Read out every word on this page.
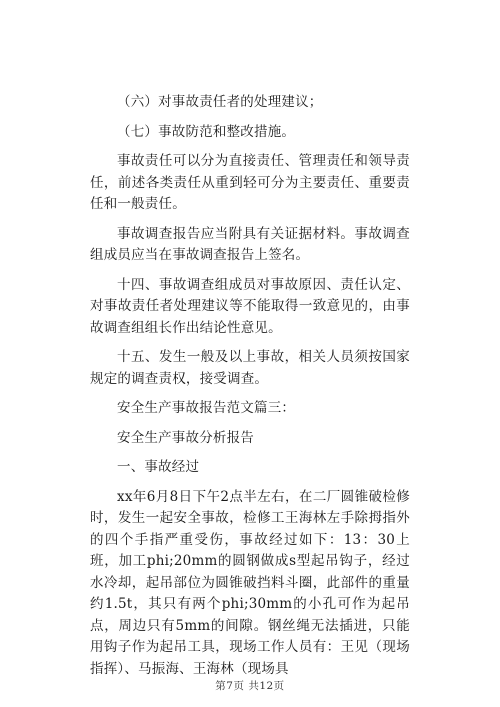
（六）对事故责任者的处理建议；

（七）事故防范和整改措施。

事故责任可以分为直接责任、管理责任和领导责任，前述各类责任从重到轻可分为主要责任、重要责任和一般责任。

事故调查报告应当附具有关证据材料。事故调查组成员应当在事故调查报告上签名。

十四、事故调查组成员对事故原因、责任认定、对事故责任者处理建议等不能取得一致意见的，由事故调查组组长作出结论性意见。

十五、发生一般及以上事故，相关人员须按国家规定的调查责权，接受调查。

安全生产事故报告范文篇三：

安全生产事故分析报告

一、事故经过

xx年6月8日下午2点半左右，在二厂圆锥破检修时，发生一起安全事故，检修工王海林左手除拇指外的四个手指严重受伤，事故经过如下：13：30上班，加工phi;20mm的圆钢做成s型起吊钩子，经过水冷却，起吊部位为圆锥破挡料斗圈，此部件的重量约1.5t，其只有两个phi;30mm的小孔可作为起吊点，周边只有5mm的间隙。钢丝绳无法插进，只能用钩子作为起吊工具，现场工作人员有：王见（现场指挥）、马振海、王海林（现场具

第7页 共12页
